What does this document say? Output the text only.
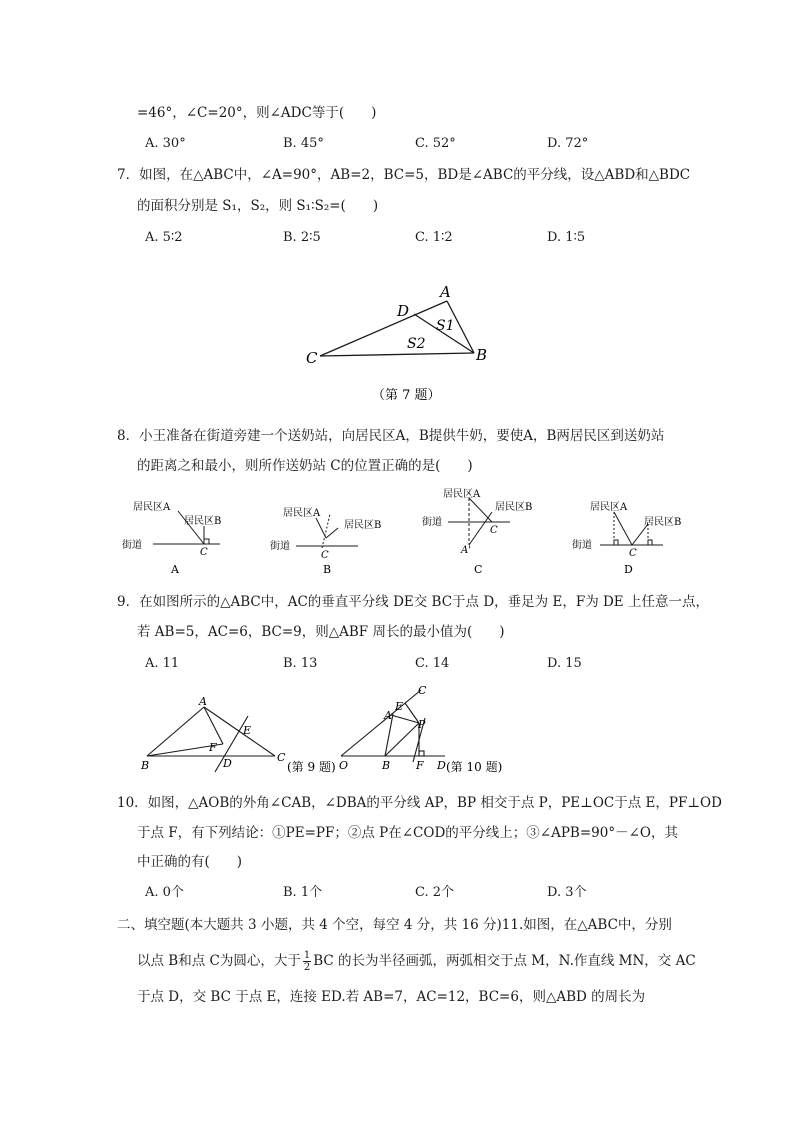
=46°，∠C=20°，则∠ADC等于(　　)
A. 30°	B. 45°	C. 52°	D. 72°
7．如图，在△ABC中，∠A=90°，AB=2，BC=5，BD是∠ABC的平分线，设△ABD和△BDC
的面积分别是 S₁，S₂，则 S₁∶S₂=(　　)
A. 5∶2	B. 2∶5	C. 1∶2	D. 1∶5
A
D
C	B
S1
S2
（第 7 题）
8．小王准备在街道旁建一个送奶站，向居民区A，B提供牛奶，要使A，B两居民区到送奶站
的距离之和最小，则所作送奶站 C的位置正确的是(　　)
居民区A
居民区B
街道
C
A
居民区A
居民区B
街道
C
B
居民区A
居民区B
街道
C
A'
C
居民区A
居民区B
街道
C
D
9．在如图所示的△ABC中，AC的垂直平分线 DE交 BC于点 D，垂足为 E，F为 DE 上任意一点，
若 AB=5，AC=6，BC=9，则△ABF 周长的最小值为(　　)
A. 11	B. 13	C. 14	D. 15
A
E
F
B	D	C
(第 9 题)
C
E
A
P
O	B F D (第 10 题)
10．如图，△AOB的外角∠CAB，∠DBA的平分线 AP，BP 相交于点 P，PE⊥OC于点 E，PF⊥OD
于点 F，有下列结论：①PE=PF；②点 P在∠COD的平分线上；③∠APB=90°－∠O，其
中正确的有(　　)
A. 0个	B. 1个	C. 2个	D. 3个
二、填空题(本大题共 3 小题，共 4 个空，每空 4 分，共 16 分)11.如图，在△ABC中，分别
以点 B和点 C为圆心，大于 $\frac{1}{2}$ BC 的长为半径画弧，两弧相交于点 M，N.作直线 MN，交 AC
于点 D，交 BC 于点 E，连接 ED.若 AB=7，AC=12，BC=6，则△ABD 的周长为
